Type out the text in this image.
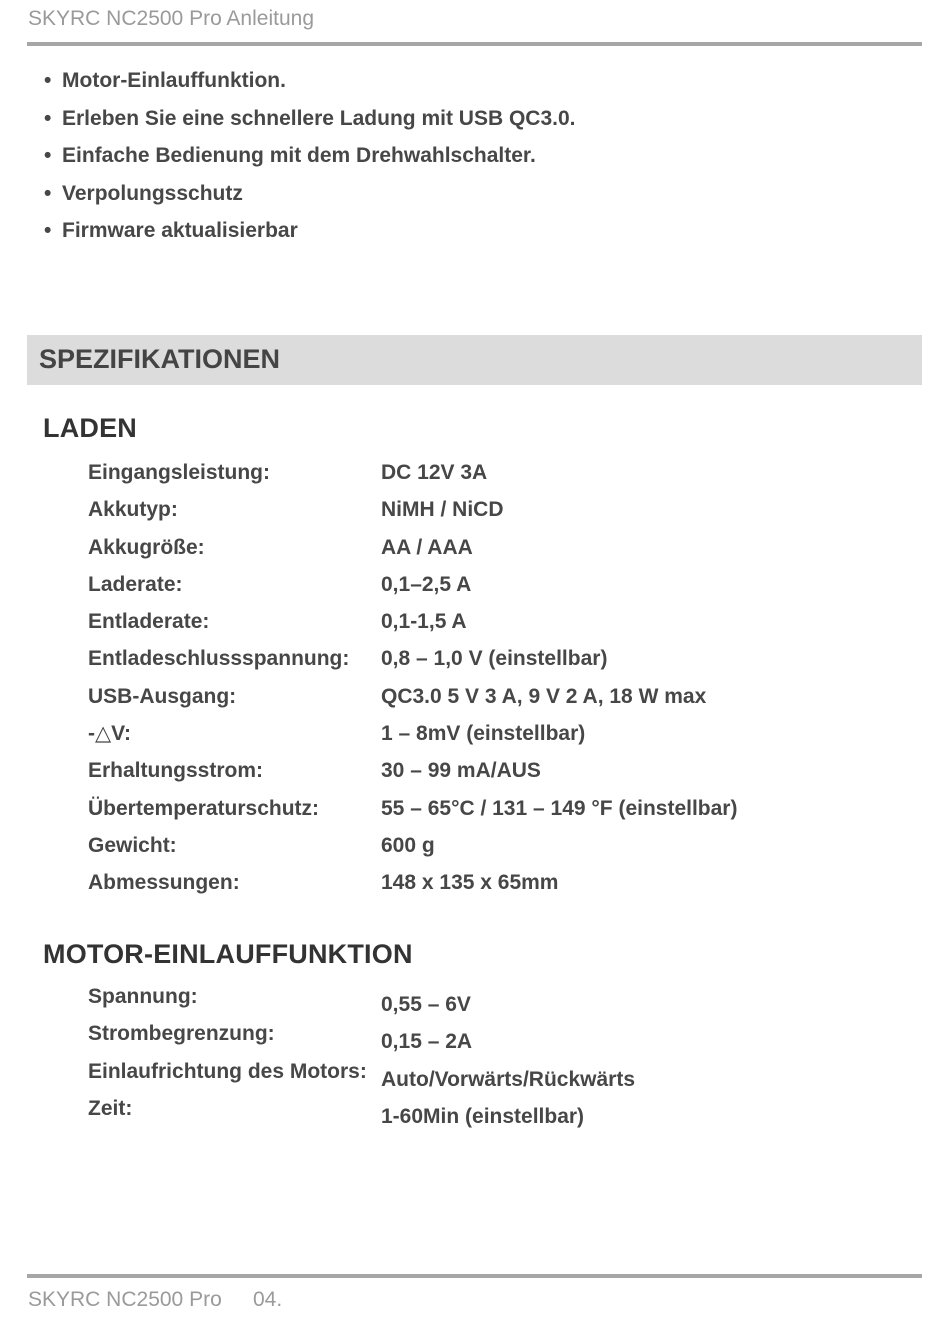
SKYRC NC2500 Pro Anleitung
• Motor-Einlauffunktion.
• Erleben Sie eine schnellere Ladung mit USB QC3.0.
• Einfache Bedienung mit dem Drehwahlschalter.
• Verpolungsschutz
• Firmware aktualisierbar
SPEZIFIKATIONEN
LADEN
Eingangsleistung:	DC 12V 3A
Akkutyp:	NiMH / NiCD
Akkugröße:	AA / AAA
Laderate:	0,1–2,5 A
Entladerate:	0,1-1,5 A
Entladeschlussspannung: 0,8 – 1,0 V (einstellbar)
USB-Ausgang:	QC3.0 5 V 3 A, 9 V 2 A, 18 W max
-△V:	1 – 8mV (einstellbar)
Erhaltungsstrom:	30 – 99 mA/AUS
Übertemperaturschutz:	55 – 65°C / 131 – 149 °F (einstellbar)
Gewicht:	600 g
Abmessungen:	148 x 135 x 65mm
MOTOR-EINLAUFFUNKTION
Spannung:	0,55 – 6V
Strombegrenzung:	0,15 – 2A
Einlaufrichtung des Motors: Auto/Vorwärts/Rückwärts
Zeit:	1-60Min (einstellbar)
SKYRC NC2500 Pro 04.
